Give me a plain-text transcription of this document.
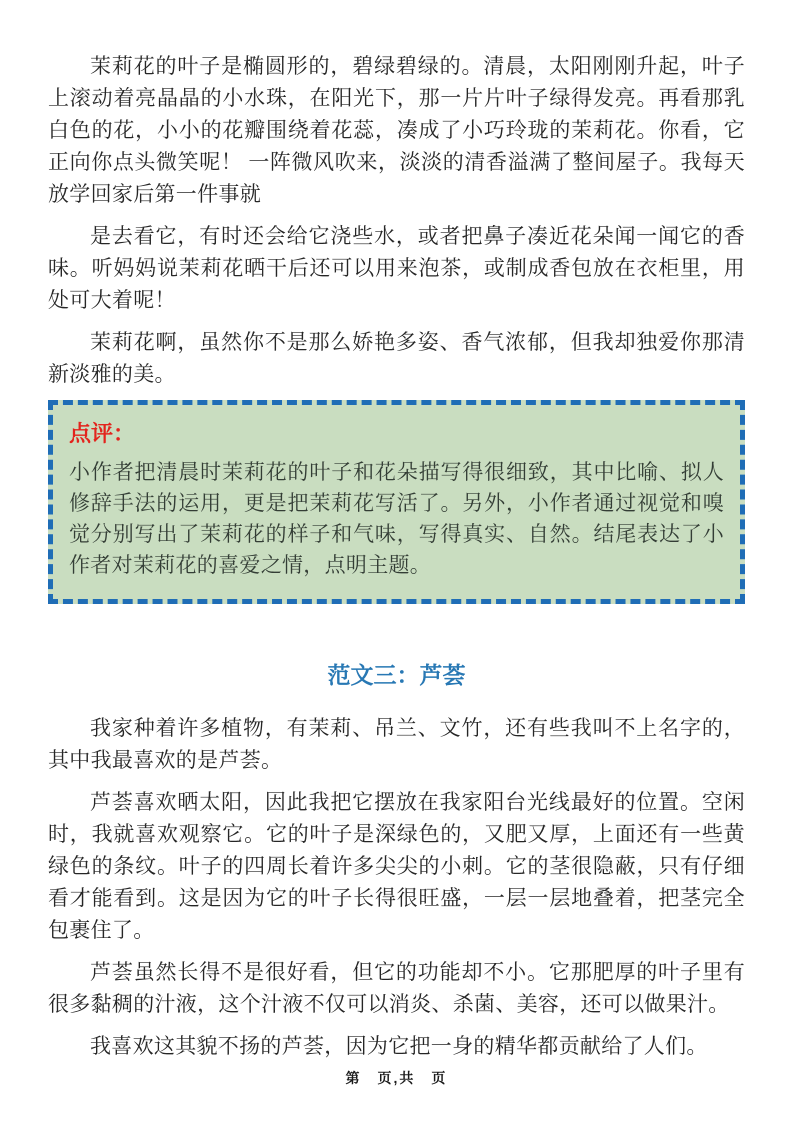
茉莉花的叶子是椭圆形的，碧绿碧绿的。清晨，太阳刚刚升起，叶子上滚动着亮晶晶的小水珠，在阳光下，那一片片叶子绿得发亮。再看那乳白色的花，小小的花瓣围绕着花蕊，凑成了小巧玲珑的茉莉花。你看，它正向你点头微笑呢！ 一阵微风吹来，淡淡的清香溢满了整间屋子。我每天放学回家后第一件事就

是去看它，有时还会给它浇些水，或者把鼻子凑近花朵闻一闻它的香味。听妈妈说茉莉花晒干后还可以用来泡茶，或制成香包放在衣柜里，用处可大着呢！

茉莉花啊，虽然你不是那么娇艳多姿、香气浓郁，但我却独爱你那清新淡雅的美。

点评：

小作者把清晨时茉莉花的叶子和花朵描写得很细致，其中比喻、拟人修辞手法的运用，更是把茉莉花写活了。另外，小作者通过视觉和嗅觉分别写出了茉莉花的样子和气味，写得真实、自然。结尾表达了小作者对茉莉花的喜爱之情，点明主题。

范文三：芦荟

我家种着许多植物，有茉莉、吊兰、文竹，还有些我叫不上名字的，其中我最喜欢的是芦荟。

芦荟喜欢晒太阳，因此我把它摆放在我家阳台光线最好的位置。空闲时，我就喜欢观察它。它的叶子是深绿色的，又肥又厚，上面还有一些黄绿色的条纹。叶子的四周长着许多尖尖的小刺。它的茎很隐蔽，只有仔细看才能看到。这是因为它的叶子长得很旺盛，一层一层地叠着，把茎完全包裹住了。

芦荟虽然长得不是很好看，但它的功能却不小。它那肥厚的叶子里有很多黏稠的汁液，这个汁液不仅可以消炎、杀菌、美容，还可以做果汁。

我喜欢这其貌不扬的芦荟，因为它把一身的精华都贡献给了人们。

第　页,共　页
